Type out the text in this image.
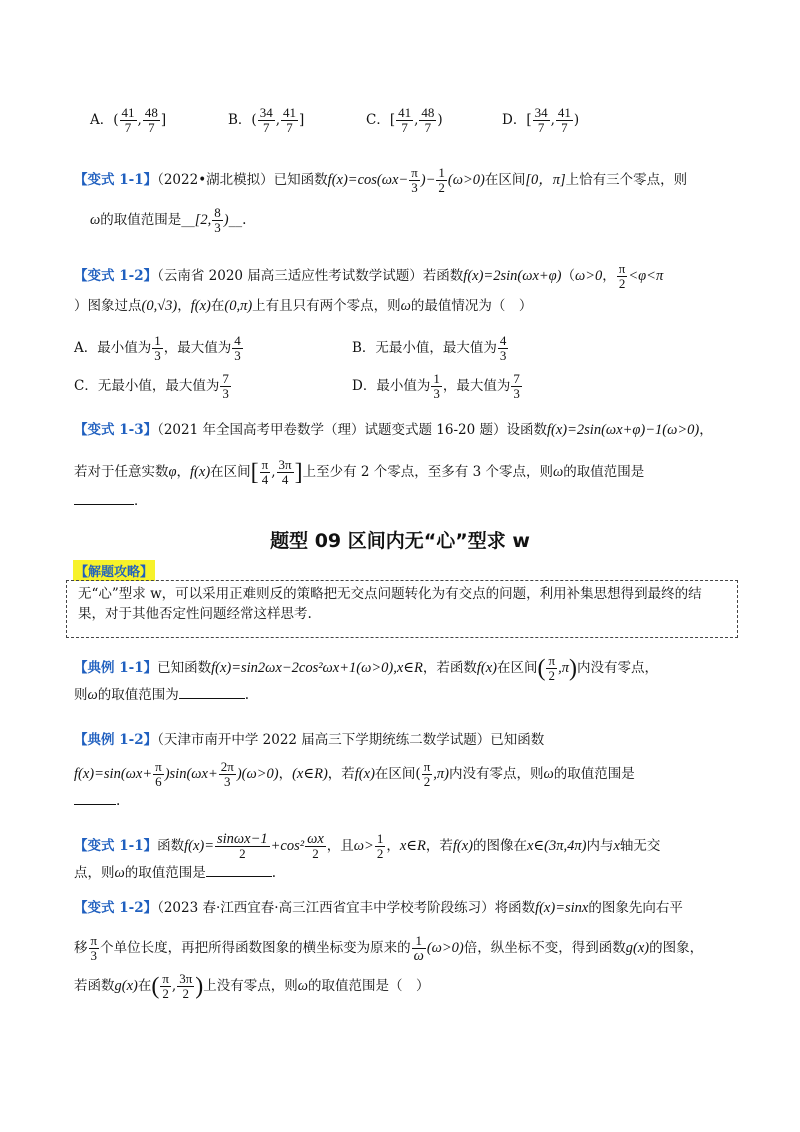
A．( $\frac{41}{7}$ , $\frac{48}{7}$ ]	B．( $\frac{34}{7}$ , $\frac{41}{7}$ ]	C．[ $\frac{41}{7}$ , $\frac{48}{7}$ )	D．[ $\frac{34}{7}$ , $\frac{41}{7}$ )
【变式 1-1】（2022•湖北模拟）已知函数$f(x)=\cos(\omega x- \frac{\pi}{3}$ )− $\frac{1}{2} (\omega>0)$在区间[0，π]上恰有三个零点，则
ω的取值范围是__[2, $\frac{8}{3}$ )__.
【变式 1-2】（云南省 2020 届高三适应性考试数学试题）若函数f(x)=2sin(ωx+φ)（ω>0， $\frac{\pi}{2} <\varphi<\pi$
）图象过点(0,√3)，f(x)在(0,π)上有且只有两个零点，则ω的最值情况为（　）
A．最小值为 $\frac{1}{3}$ ，最大值为 $\frac{4}{3}$	B．无最小值，最大值为 $\frac{4}{3}$
C．无最小值，最大值为 $\frac{7}{3}$	D．最小值为 $\frac{1}{3}$ ，最大值为 $\frac{7}{3}$
【变式 1-3】（2021 年全国高考甲卷数学（理）试题变式题 16-20 题）设函数f(x)=2sin(ωx+φ)−1(ω>0)，
若对于任意实数φ，f(x)在区间[ $\frac{\pi}{4}$ , $\frac{3\pi}{4}$ ]上至少有 2 个零点，至多有 3 个零点，则ω的取值范围是
．
题型 09 区间内无“心”型求 w
【解题攻略】
无“心”型求 w，可以采用正难则反的策略把无交点问题转化为有交点的问题，利用补集思想得到最终的结果，对于其他否定性问题经常这样思考.
【典例 1-1】已知函数f(x)=sin2ωx−2cos²ωx+1(ω>0),x∈R，若函数f(x)在区间( $\frac{\pi}{2} ,\pi$)内没有零点，
则ω的取值范围为	.
【典例 1-2】（天津市南开中学 2022 届高三下学期统练二数学试题）已知函数
$f(x)=\sin(\omega x+ \frac{\pi}{6} )\sin(\omega x+ \frac{2\pi}{3} )(\omega>0)$，(x∈R)，若f(x)在区间( $\frac{\pi}{2} ,\pi$)内没有零点，则ω的取值范围是
.
【变式 1-1】函数$f(x)= \frac{\sin\omega x-1}{2} +\cos^2 \frac{\omega x}{2}$ ，且$\omega> \frac{1}{2}$ ，x∈R，若f(x)的图像在x∈(3π,4π)内与x轴无交
点，则ω的取值范围是	.
【变式 1-2】（2023 春·江西宜春·高三江西省宜丰中学校考阶段练习）将函数f(x)=sinx的图象先向右平
移 $\frac{\pi}{3}$ 个单位长度，再把所得函数图象的横坐标变为原来的 $\frac{1}{\omega} (\omega>0)$倍，纵坐标不变，得到函数g(x)的图象，
若函数g(x)在( $\frac{\pi}{2}$ , $\frac{3\pi}{2}$ )上没有零点，则ω的取值范围是（　）
